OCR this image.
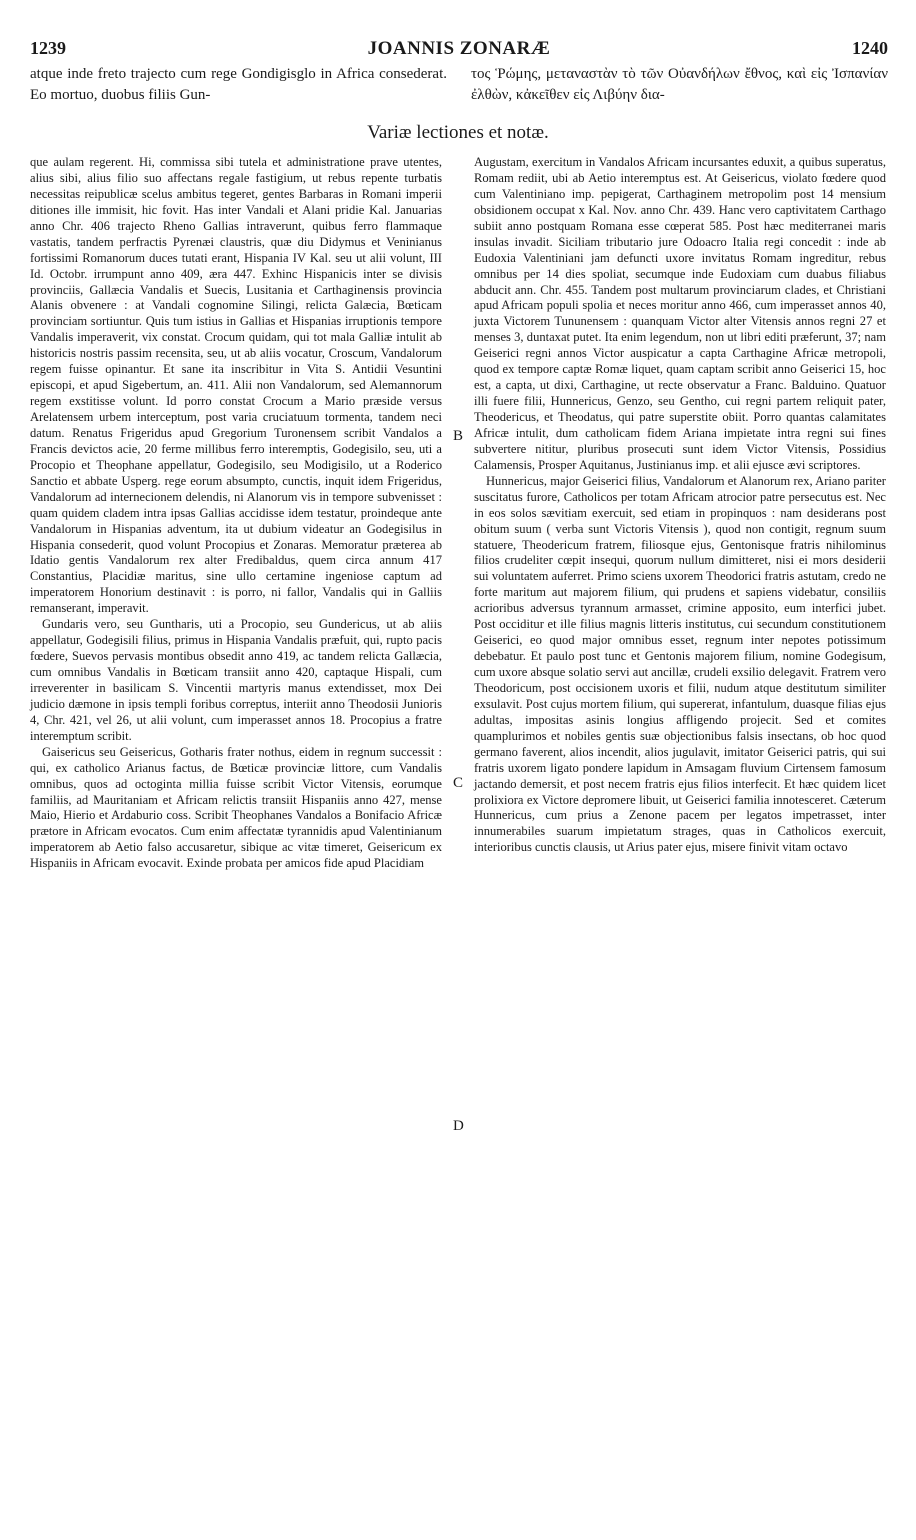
1239	JOANNIS ZONARÆ	1240

atque inde freto trajecto cum rege Gondigisglo in Africa consederat. Eo mortuo, duobus filiis Gun-

τος Ῥώμης, μεταναστὰν τὸ τῶν Οὐανδήλων ἔθνος, καὶ εἰς Ἰσπανίαν ἐλθὼν, κἀκεῖθεν εἰς Λιβύην δια-

Variæ lectiones et notæ.

que aulam regerent. Hi, commissa sibi tutela et administratione prave utentes, alius sibi, alius filio suo affectans regale fastigium, ut rebus repente turbatis necessitas reipublicæ scelus ambitus tegeret, gentes Barbaras in Romani imperii ditiones ille immisit, hic fovit. Has inter Vandali et Alani pridie Kal. Januarias anno Chr. 406 trajecto Rheno Gallias intraverunt, quibus ferro flammaque vastatis, tandem perfractis Pyrenæi claustris, quæ diu Didymus et Veninianus fortissimi Romanorum duces tutati erant, Hispania IV Kal. seu ut alii volunt, III Id. Octobr. irrumpunt anno 409, æra 447. Exhinc Hispanicis inter se divisis provinciis, Gallæcia Vandalis et Suecis, Lusitania et Carthaginensis provincia Alanis obvenere : at Vandali cognomine Silingi, relicta Galæcia, Bœticam provinciam sortiuntur. Quis tum istius in Gallias et Hispanias irruptionis tempore Vandalis imperaverit, vix constat. Crocum quidam, qui tot mala Galliæ intulit ab historicis nostris passim recensita, seu, ut ab aliis vocatur, Croscum, Vandalorum regem fuisse opinantur. Et sane ita inscribitur in Vita S. Antidii Vesuntini episcopi, et apud Sigebertum, an. 411. Alii non Vandalorum, sed Alemannorum regem exstitisse volunt. Id porro constat Crocum a Mario præside versus Arelatensem urbem interceptum, post varia cruciatuum tormenta, tandem neci datum. Renatus Frigeridus apud Gregorium Turonensem scribit Vandalos a Francis devictos acie, 20 ferme millibus ferro interemptis, Godegisilo, seu, uti a Procopio et Theophane appellatur, Godegisilo, seu Modigisilo, ut a Roderico Sanctio et abbate Usperg. rege eorum absumpto, cunctis, inquit idem Frigeridus, Vandalorum ad internecionem delendis, ni Alanorum vis in tempore subvenisset : quam quidem cladem intra ipsas Gallias accidisse idem testatur, proindeque ante Vandalorum in Hispanias adventum, ita ut dubium videatur an Godegisilus in Hispania consederit, quod volunt Procopius et Zonaras. Memoratur præterea ab Idatio gentis Vandalorum rex alter Fredibaldus, quem circa annum 417 Constantius, Placidiæ maritus, sine ullo certamine ingeniose captum ad imperatorem Honorium destinavit : is porro, ni fallor, Vandalis qui in Galliis remanserant, imperavit.

Gundaris vero, seu Guntharis, uti a Procopio, seu Gundericus, ut ab aliis appellatur, Godegisili filius, primus in Hispania Vandalis præfuit, qui, rupto pacis fœdere, Suevos pervasis montibus obsedit anno 419, ac tandem relicta Gallæcia, cum omnibus Vandalis in Bœticam transiit anno 420, captaque Hispali, cum irreverenter in basilicam S. Vincentii martyris manus extendisset, mox Dei judicio dæmone in ipsis templi foribus correptus, interiit anno Theodosii Junioris 4, Chr. 421, vel 26, ut alii volunt, cum imperasset annos 18. Procopius a fratre interemptum scribit.

Gaisericus seu Geisericus, Gotharis frater nothus, eidem in regnum successit : qui, ex catholico Arianus factus, de Bœticæ provinciæ littore, cum Vandalis omnibus, quos ad octoginta millia fuisse scribit Victor Vitensis, eorumque familiis, ad Mauritaniam et Africam relictis transiit Hispaniis anno 427, mense Maio, Hierio et Ardaburio coss. Scribit Theophanes Vandalos a Bonifacio Africæ prætore in Africam evocatos. Cum enim affectatæ tyrannidis apud Valentinianum imperatorem ab Aetio falso accusaretur, sibique ac vitæ timeret, Geisericum ex Hispaniis in Africam evocavit. Exinde probata per amicos fide apud Placidiam

B
C
D

Augustam, exercitum in Vandalos Africam incursantes eduxit, a quibus superatus, Romam rediit, ubi ab Aetio interemptus est. At Geisericus, violato fœdere quod cum Valentiniano imp. pepigerat, Carthaginem metropolim post 14 mensium obsidionem occupat x Kal. Nov. anno Chr. 439. Hanc vero captivitatem Carthago subiit anno postquam Romana esse cœperat 585. Post hæc mediterranei maris insulas invadit. Siciliam tributario jure Odoacro Italia regi concedit : inde ab Eudoxia Valentiniani jam defuncti uxore invitatus Romam ingreditur, rebus omnibus per 14 dies spoliat, secumque inde Eudoxiam cum duabus filiabus abducit ann. Chr. 455. Tandem post multarum provinciarum clades, et Christiani apud Africam populi spolia et neces moritur anno 466, cum imperasset annos 40, juxta Victorem Tununensem : quanquam Victor alter Vitensis annos regni 27 et menses 3, duntaxat putet. Ita enim legendum, non ut libri editi præferunt, 37; nam Geiserici regni annos Victor auspicatur a capta Carthagine Africæ metropoli, quod ex tempore captæ Romæ liquet, quam captam scribit anno Geiserici 15, hoc est, a capta, ut dixi, Carthagine, ut recte observatur a Franc. Balduino. Quatuor illi fuere filii, Hunnericus, Genzo, seu Gentho, cui regni partem reliquit pater, Theodericus, et Theodatus, qui patre superstite obiit. Porro quantas calamitates Africæ intulit, dum catholicam fidem Ariana impietate intra regni sui fines subvertere nititur, pluribus prosecuti sunt idem Victor Vitensis, Possidius Calamensis, Prosper Aquitanus, Justinianus imp. et alii ejusce ævi scriptores.

Hunnericus, major Geiserici filius, Vandalorum et Alanorum rex, Ariano pariter suscitatus furore, Catholicos per totam Africam atrocior patre persecutus est. Nec in eos solos sævitiam exercuit, sed etiam in propinquos : nam desiderans post obitum suum ( verba sunt Victoris Vitensis ), quod non contigit, regnum suum statuere, Theodericum fratrem, filiosque ejus, Gentonisque fratris nihilominus filios crudeliter cœpit insequi, quorum nullum dimitteret, nisi ei mors desiderii sui voluntatem auferret. Primo sciens uxorem Theodorici fratris astutam, credo ne forte maritum aut majorem filium, qui prudens et sapiens videbatur, consiliis acrioribus adversus tyrannum armasset, crimine apposito, eum interfici jubet. Post occiditur et ille filius magnis litteris institutus, cui secundum constitutionem Geiserici, eo quod major omnibus esset, regnum inter nepotes potissimum debebatur. Et paulo post tunc et Gentonis majorem filium, nomine Godegisum, cum uxore absque solatio servi aut ancillæ, crudeli exsilio delegavit. Fratrem vero Theodoricum, post occisionem uxoris et filii, nudum atque destitutum similiter exsulavit. Post cujus mortem filium, qui supererat, infantulum, duasque filias ejus adultas, impositas asinis longius affligendo projecit. Sed et comites quamplurimos et nobiles gentis suæ objectionibus falsis insectans, ob hoc quod germano faverent, alios incendit, alios jugulavit, imitator Geiserici patris, qui sui fratris uxorem ligato pondere lapidum in Amsagam fluvium Cirtensem famosum jactando demersit, et post necem fratris ejus filios interfecit. Et hæc quidem licet prolixiora ex Victore depromere libuit, ut Geiserici familia innotesceret. Cæterum Hunnericus, cum prius a Zenone pacem per legatos impetrasset, inter innumerabiles suarum impietatum strages, quas in Catholicos exercuit, interioribus cunctis clausis, ut Arius pater ejus, misere finivit vitam octavo
